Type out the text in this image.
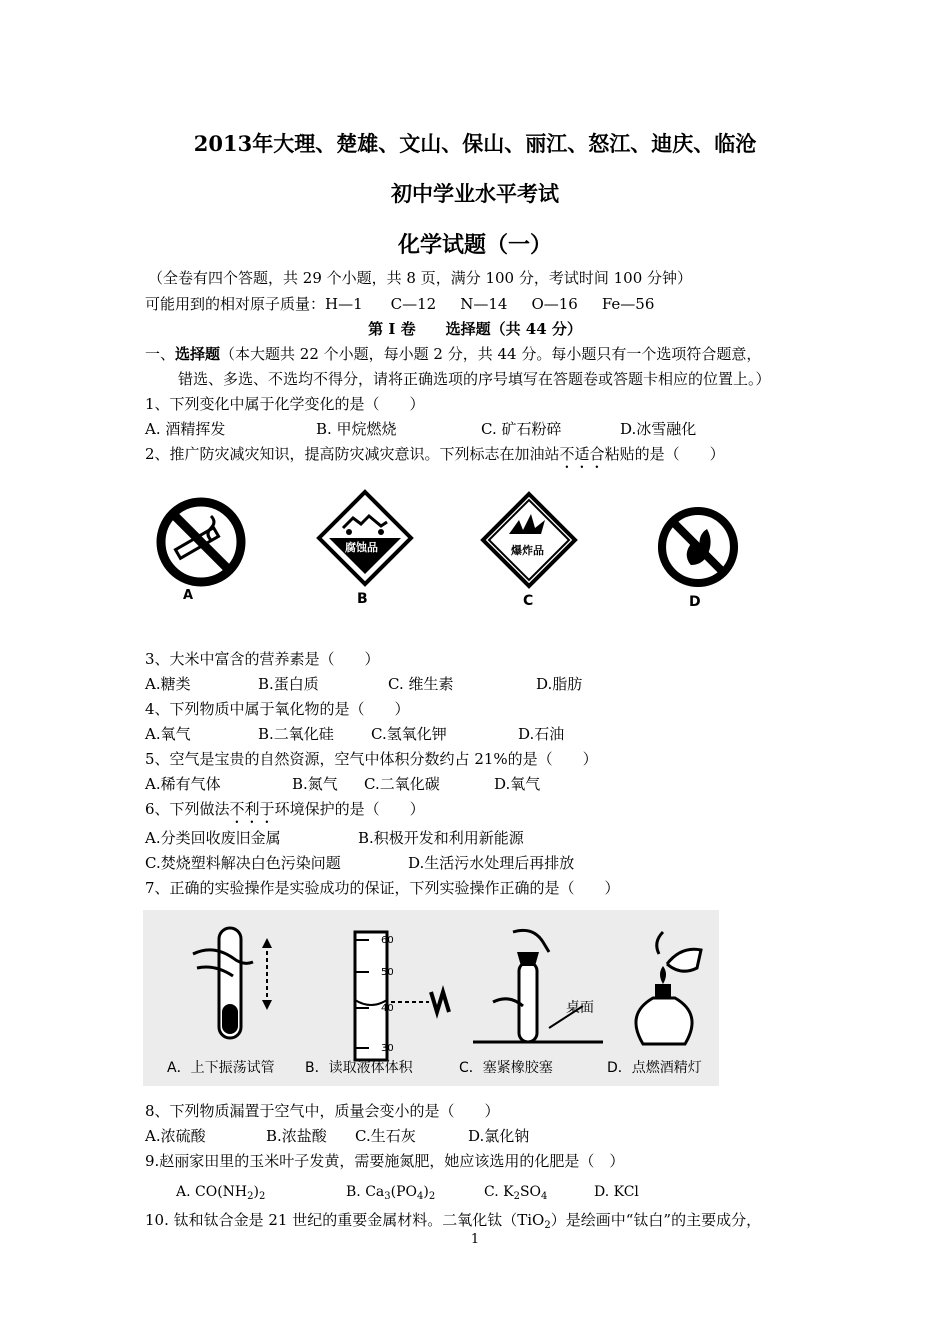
2013年大理、楚雄、文山、保山、丽江、怒江、迪庆、临沧
初中学业水平考试
化学试题（一）
（全卷有四个答题，共 29 个小题，共 8 页，满分 100 分，考试时间 100 分钟）
可能用到的相对原子质量：H—1 C—12 N—14 O—16 Fe—56
第 I 卷　　选择题（共 44 分）
一、选择题（本大题共 22 个小题，每小题 2 分，共 44 分。每小题只有一个选项符合题意，
错选、多选、不选均不得分，请将正确选项的序号填写在答题卷或答题卡相应的位置上。）
1、下列变化中属于化学变化的是（　　）
A. 酒精挥发	B. 甲烷燃烧	C. 矿石粉碎	D.冰雪融化
2、推广防灾减灾知识，提高防灾减灾意识。下列标志在加油站不适合粘贴的是（　　）
A
腐蚀品
B
爆炸品
C	D
3、大米中富含的营养素是（　　）
A.糖类	B.蛋白质	C. 维生素	D.脂肪
4、下列物质中属于氧化物的是（　　）
A.氧气	B.二氧化硅 C.氢氧化钾	D.石油
5、空气是宝贵的自然资源，空气中体积分数约占 21%的是（　　）
A.稀有气体	B.氮气 C.二氧化碳	D.氧气
6、下列做法不利于环境保护的是（　　）
A.分类回收废旧金属	B.积极开发和利用新能源
C.焚烧塑料解决白色污染问题	D.生活污水处理后再排放
7、正确的实验操作是实验成功的保证，下列实验操作正确的是（　　）
60
50
40
30
桌面
A．上下振荡试管 B．读取液体体积	C．塞紧橡胶塞	D．点燃酒精灯
8、下列物质漏置于空气中，质量会变小的是（　　）
A.浓硫酸	B.浓盐酸 C.生石灰	D.氯化钠
9.赵丽家田里的玉米叶子发黄，需要施氮肥，她应该选用的化肥是（　）
A. $CO(NH_2)_2$	B. $Ca_3(PO_4)_2$	C. $K_2SO_4$	D. KCl
10. 钛和钛合金是 21 世纪的重要金属材料。二氧化钛（TiO$_2$）是绘画中“钛白”的主要成分，
1
